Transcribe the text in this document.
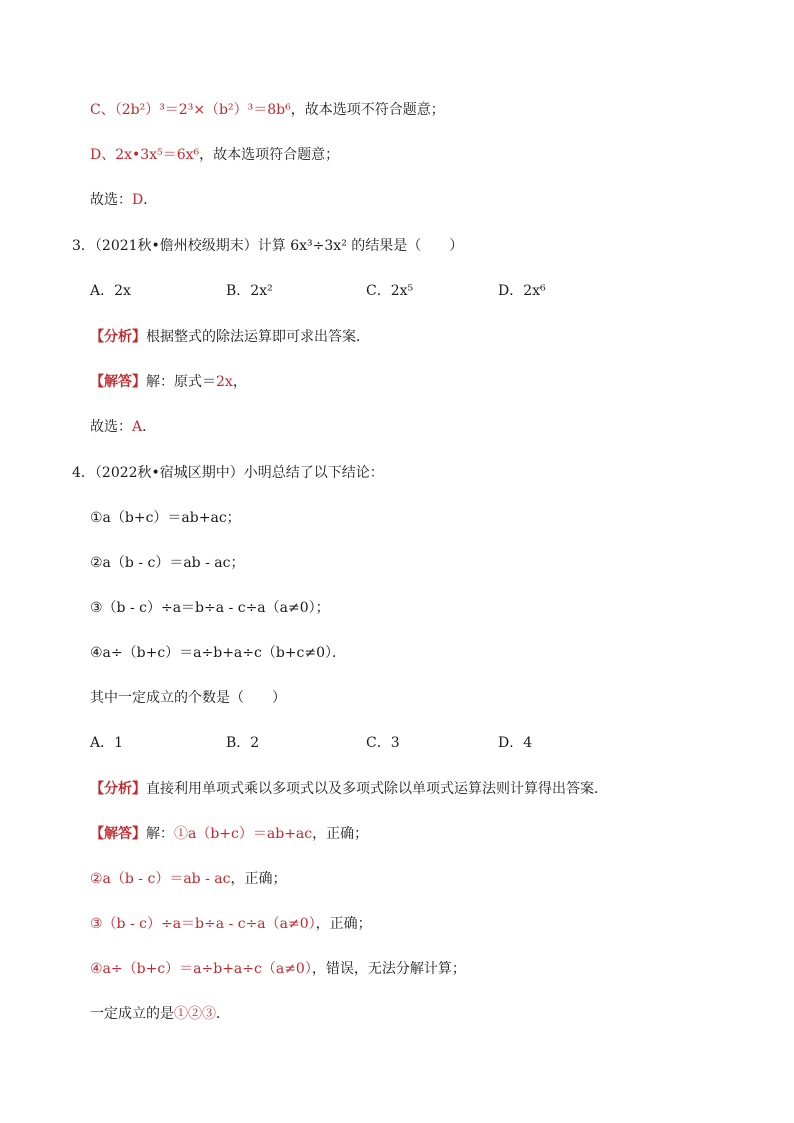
C、（2b²）³＝2³×（b²）³＝8b⁶，故本选项不符合题意；
D、2x•3x⁵＝6x⁶，故本选项符合题意；
故选：D．
3．（2021秋•儋州校级期末）计算 6x³÷3x² 的结果是（　　）
A．2x	B．2x²	C．2x⁵	D．2x⁶
【分析】根据整式的除法运算即可求出答案．
【解答】解：原式＝2x，
故选：A．
4．（2022秋•宿城区期中）小明总结了以下结论：
①a（b+c）＝ab+ac；
②a（b - c）＝ab - ac；
③（b - c）÷a＝b÷a - c÷a（a≠0）；
④a÷（b+c）＝a÷b+a÷c（b+c≠0）．
其中一定成立的个数是（　　）
A．1	B．2	C．3	D．4
【分析】直接利用单项式乘以多项式以及多项式除以单项式运算法则计算得出答案．
【解答】解：①a（b+c）＝ab+ac，正确；
②a（b - c）＝ab - ac，正确；
③（b - c）÷a＝b÷a - c÷a（a≠0），正确；
④a÷（b+c）＝a÷b+a÷c（a≠0），错误，无法分解计算；
一定成立的是①②③．
